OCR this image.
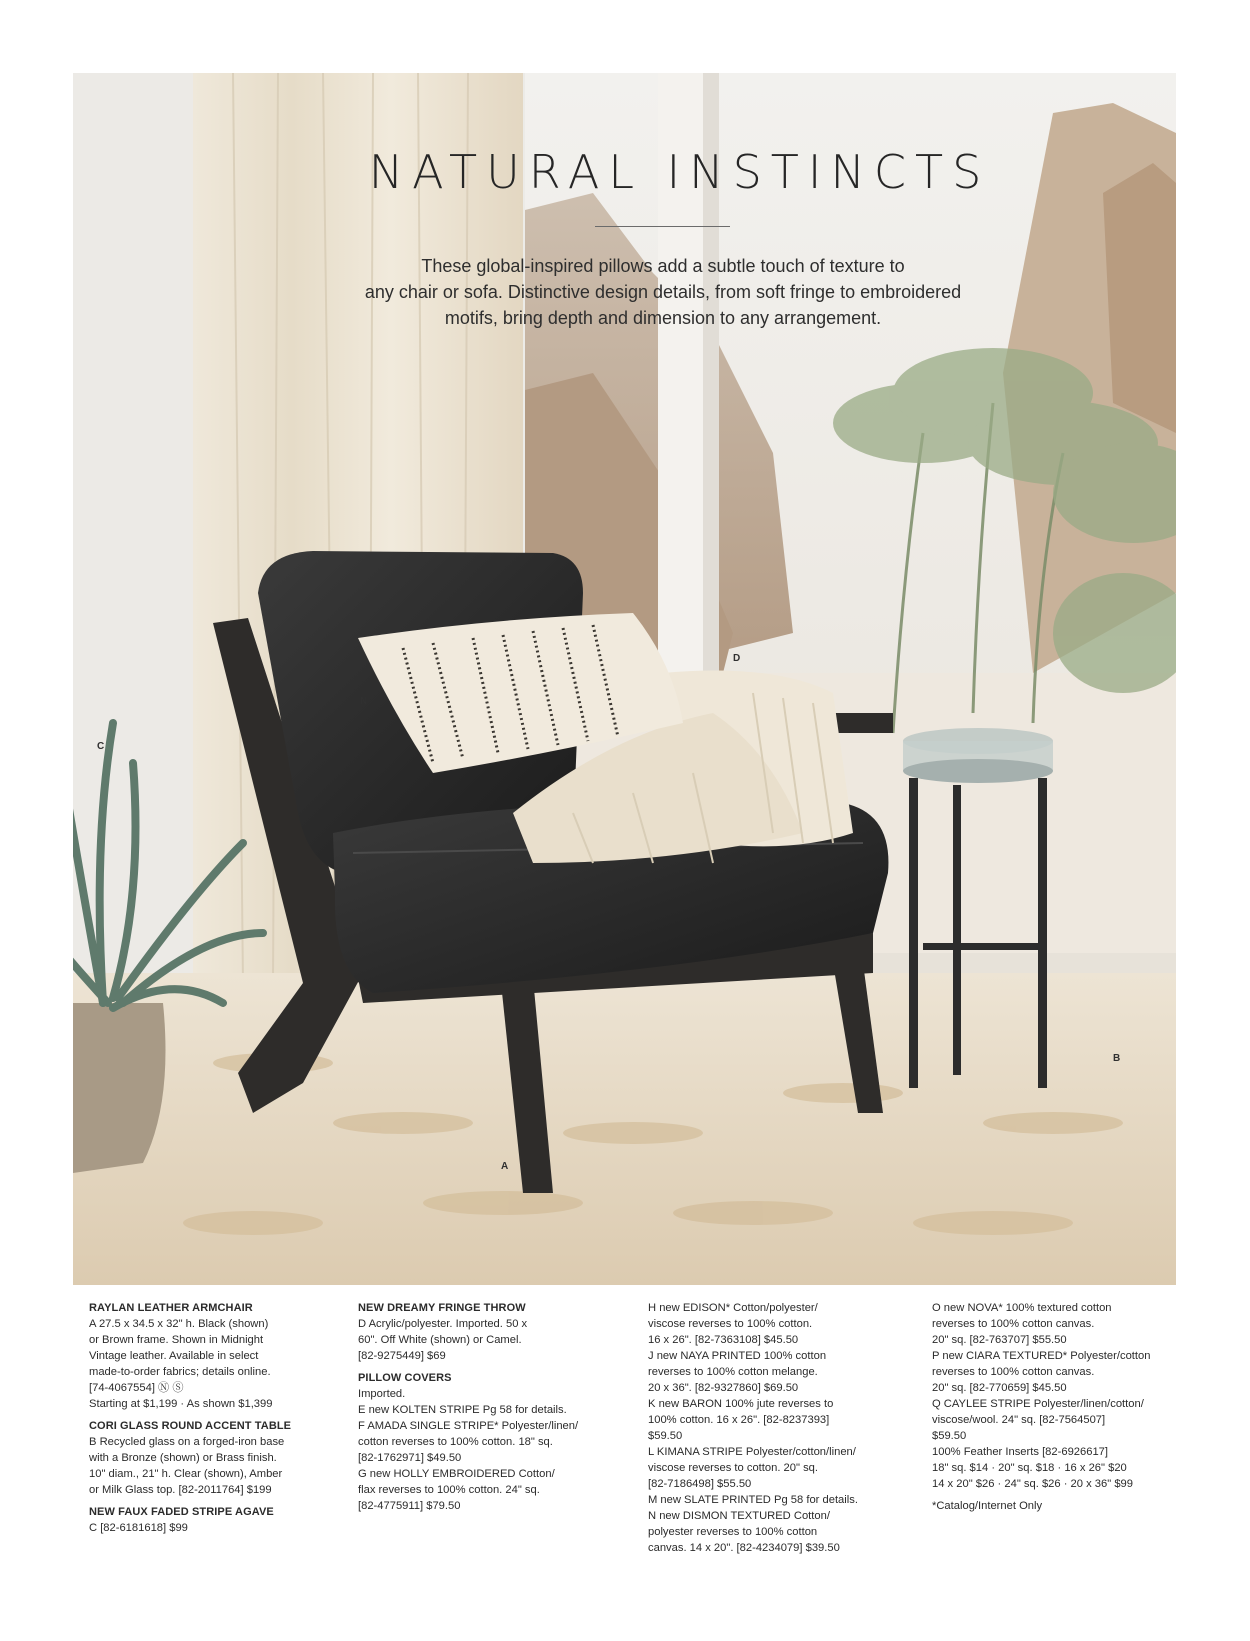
NATURAL INSTINCTS
These global-inspired pillows add a subtle touch of texture to
any chair or sofa. Distinctive design details, from soft fringe to embroidered
motifs, bring depth and dimension to any arrangement.
N
D
C
B
A
RAYLAN LEATHER ARMCHAIR
A 27.5 x 34.5 x 32" h. Black (shown)
or Brown frame. Shown in Midnight
Vintage leather. Available in select
made-to-order fabrics; details online.
[74-4067554] Ⓝ Ⓢ
Starting at $1,199 · As shown $1,399
CORI GLASS ROUND ACCENT TABLE
B Recycled glass on a forged-iron base
with a Bronze (shown) or Brass finish.
10" diam., 21" h. Clear (shown), Amber
or Milk Glass top. [82-2011764] $199
NEW FAUX FADED STRIPE AGAVE
C [82-6181618] $99
NEW DREAMY FRINGE THROW
D Acrylic/polyester. Imported. 50 x
60". Off White (shown) or Camel.
[82-9275449] $69
PILLOW COVERS
Imported.
E new KOLTEN STRIPE Pg 58 for details.
F AMADA SINGLE STRIPE* Polyester/linen/
cotton reverses to 100% cotton. 18" sq.
[82-1762971] $49.50
G new HOLLY EMBROIDERED Cotton/
flax reverses to 100% cotton. 24" sq.
[82-4775911] $79.50
H new EDISON* Cotton/polyester/
viscose reverses to 100% cotton.
16 x 26". [82-7363108] $45.50
J new NAYA PRINTED 100% cotton
reverses to 100% cotton melange.
20 x 36". [82-9327860] $69.50
K new BARON 100% jute reverses to
100% cotton. 16 x 26". [82-8237393]
$59.50
L KIMANA STRIPE Polyester/cotton/linen/
viscose reverses to cotton. 20" sq.
[82-7186498] $55.50
M new SLATE PRINTED Pg 58 for details.
N new DISMON TEXTURED Cotton/
polyester reverses to 100% cotton
canvas. 14 x 20". [82-4234079] $39.50
O new NOVA* 100% textured cotton
reverses to 100% cotton canvas.
20" sq. [82-763707] $55.50
P new CIARA TEXTURED* Polyester/cotton
reverses to 100% cotton canvas.
20" sq. [82-770659] $45.50
Q CAYLEE STRIPE Polyester/linen/cotton/
viscose/wool. 24" sq. [82-7564507]
$59.50
100% Feather Inserts [82-6926617]
18" sq. $14 · 20" sq. $18 · 16 x 26" $20
14 x 20" $26 · 24" sq. $26 · 20 x 36" $99
*Catalog/Internet Only
